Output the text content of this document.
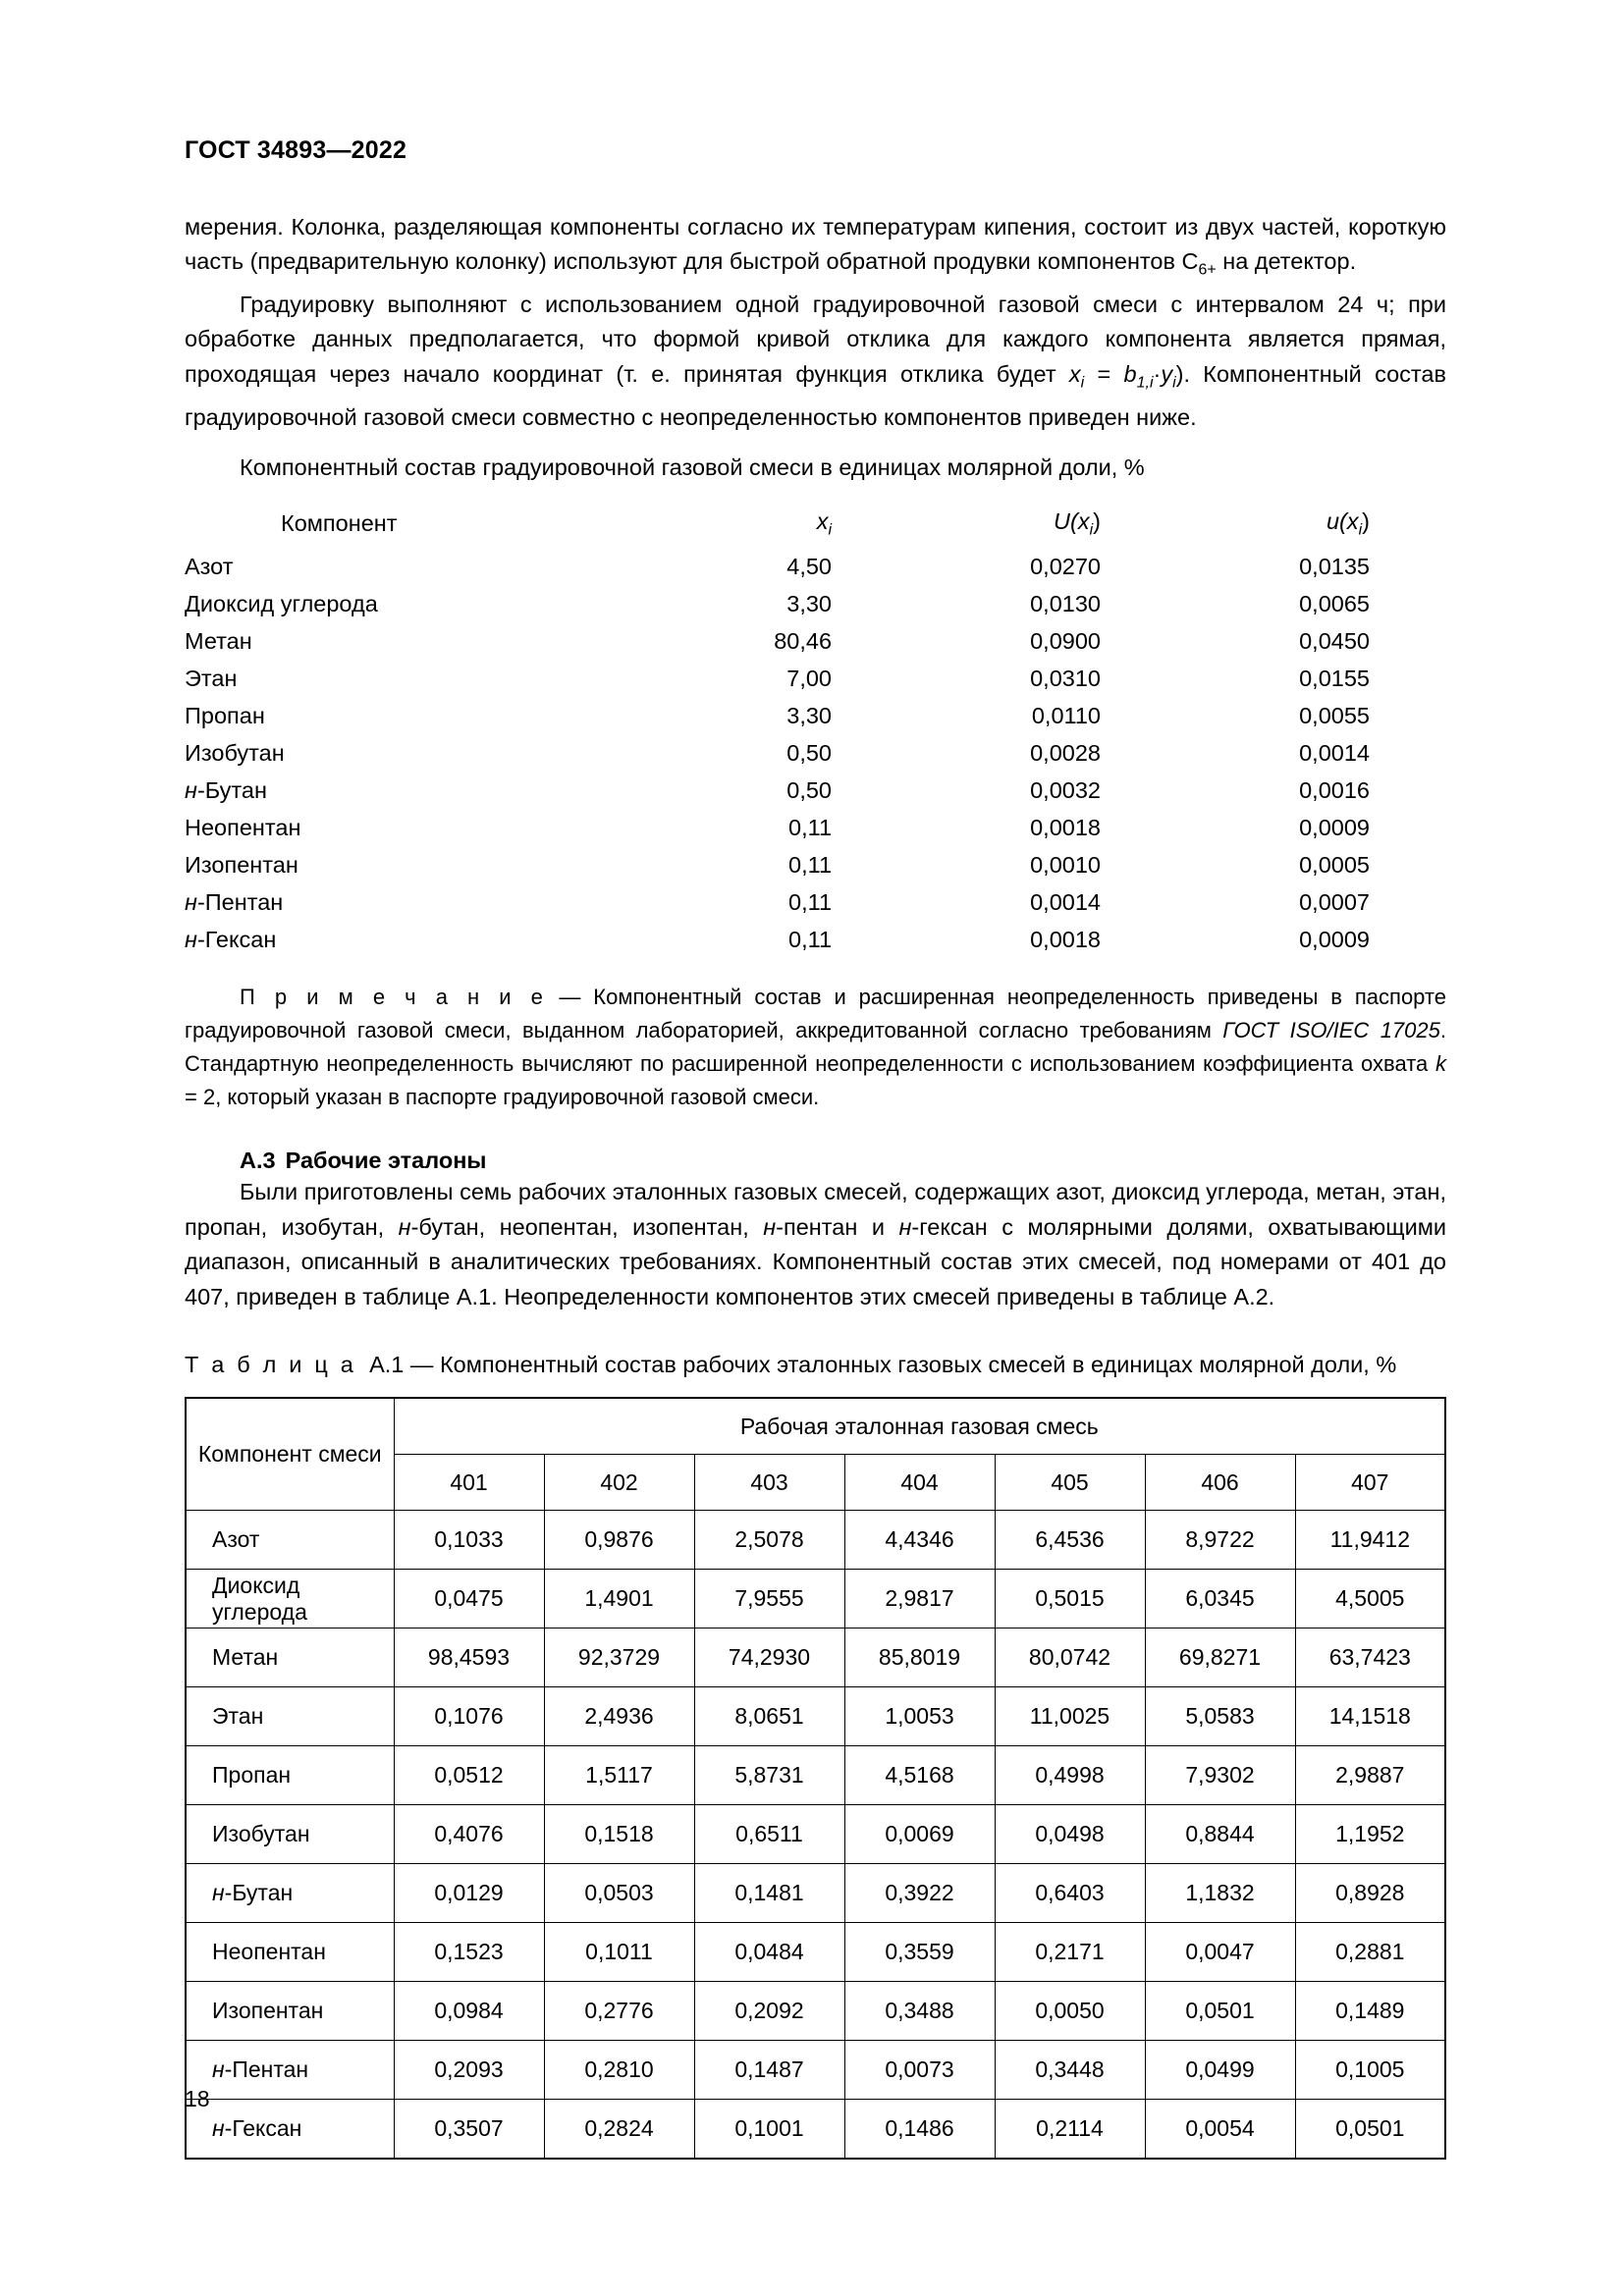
ГОСТ 34893—2022

мерения. Колонка, разделяющая компоненты согласно их температурам кипения, состоит из двух частей, короткую часть (предварительную колонку) используют для быстрой обратной продувки компонентов $C_{6+}$ на детектор.

Градуировку выполняют с использованием одной градуировочной газовой смеси с интервалом 24 ч; при обработке данных предполагается, что формой кривой отклика для каждого компонента является прямая, проходящая через начало координат (т. е. принятая функция отклика будет $x_i = b_{1,i}\cdot y_i$). Компонентный состав градуировочной газовой смеси совместно с неопределенностью компонентов приведен ниже.

Компонентный состав градуировочной газовой смеси в единицах молярной доли, %

Компонент	$x_i$	$U(x_i)$	$u(x_i)$
Азот	4,50	0,0270	0,0135
Диоксид углерода	3,30	0,0130	0,0065
Метан	80,46	0,0900	0,0450
Этан	7,00	0,0310	0,0155
Пропан	3,30	0,0110	0,0055
Изобутан	0,50	0,0028	0,0014
н-Бутан	0,50	0,0032	0,0016
Неопентан	0,11	0,0018	0,0009
Изопентан	0,11	0,0010	0,0005
н-Пентан	0,11	0,0014	0,0007
н-Гексан	0,11	0,0018	0,0009

П р и м е ч а н и е — Компонентный состав и расширенная неопределенность приведены в паспорте градуировочной газовой смеси, выданном лабораторией, аккредитованной согласно требованиям ГОСТ ISO/IEC 17025. Стандартную неопределенность вычисляют по расширенной неопределенности с использованием коэффициента охвата k = 2, который указан в паспорте градуировочной газовой смеси.

А.3 Рабочие эталоны

Были приготовлены семь рабочих эталонных газовых смесей, содержащих азот, диоксид углерода, метан, этан, пропан, изобутан, н-бутан, неопентан, изопентан, н-пентан и н-гексан с молярными долями, охватывающими диапазон, описанный в аналитических требованиях. Компонентный состав этих смесей, под номерами от 401 до 407, приведен в таблице А.1. Неопределенности компонентов этих смесей приведены в таблице А.2.

Т а б л и ц а А.1 — Компонентный состав рабочих эталонных газовых смесей в единицах молярной доли, %

Компонент смеси	Рабочая эталонная газовая смесь						
	401	402	403	404	405	406	407
Азот	0,1033	0,9876	2,5078	4,4346	6,4536	8,9722	11,9412
Диоксид углерода	0,0475	1,4901	7,9555	2,9817	0,5015	6,0345	4,5005
Метан	98,4593	92,3729	74,2930	85,8019	80,0742	69,8271	63,7423
Этан	0,1076	2,4936	8,0651	1,0053	11,0025	5,0583	14,1518
Пропан	0,0512	1,5117	5,8731	4,5168	0,4998	7,9302	2,9887
Изобутан	0,4076	0,1518	0,6511	0,0069	0,0498	0,8844	1,1952
н-Бутан	0,0129	0,0503	0,1481	0,3922	0,6403	1,1832	0,8928
Неопентан	0,1523	0,1011	0,0484	0,3559	0,2171	0,0047	0,2881
Изопентан	0,0984	0,2776	0,2092	0,3488	0,0050	0,0501	0,1489
н-Пентан	0,2093	0,2810	0,1487	0,0073	0,3448	0,0499	0,1005
н-Гексан	0,3507	0,2824	0,1001	0,1486	0,2114	0,0054	0,0501
18
